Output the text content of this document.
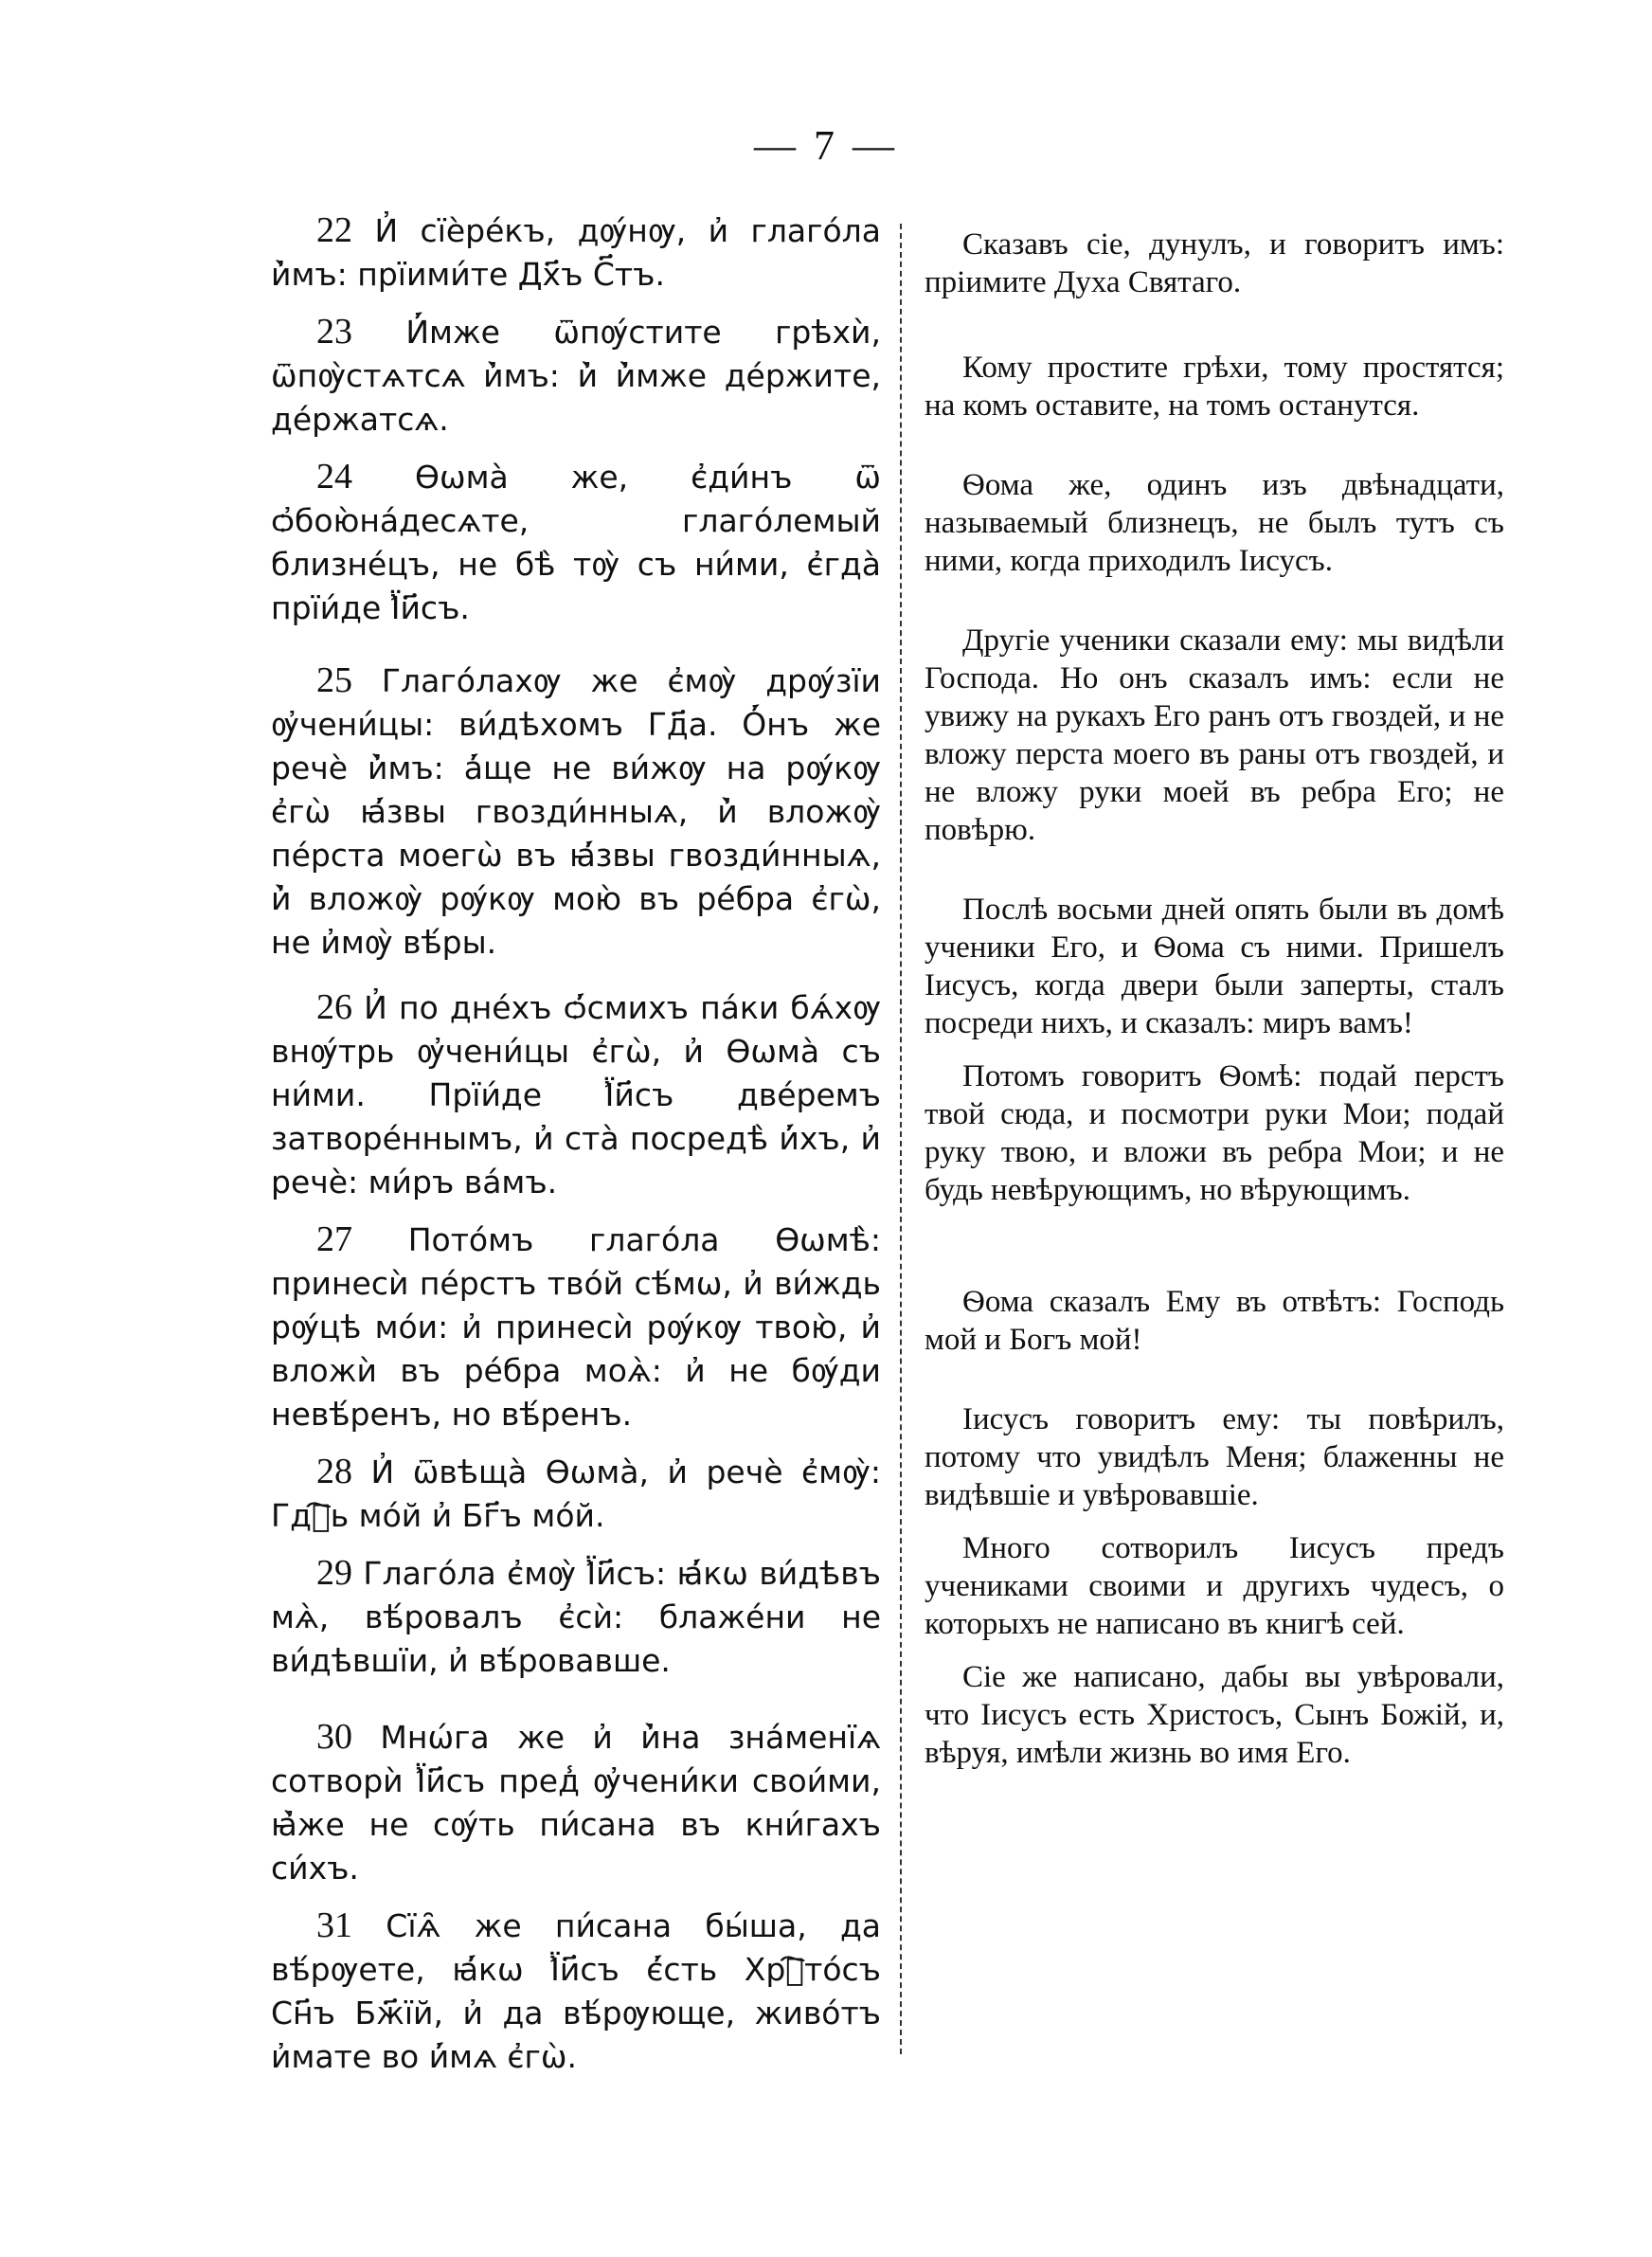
— 7 —

22 И҆ сїѐре́къ, дѹ́нѹ, и҆ глаго́ла и҆̀мъ: прїими́те Дх҃ъ С҃тъ.

23 И҆́мже ѿпѹ́стите грѣхѝ, ѿпѹ̀стѧтсѧ и҆̀мъ: и҆̀ и҆̀мже де́ржите, де́ржатсѧ.

24 Ѳѡма̀ же, є҆ди́нъ ѿ ѻ҆бою̀на́десѧте, глаго́лемый близне́цъ, не бѣ̀ тѹ̀ съ ни́ми, є҆гда̀ прїи́де Ї҆и҃съ.

25 Глаго́лахѹ же є҆мѹ̀ дрѹ́зїи ѹ҆чени́цы: ви́дѣхомъ Гд҃а. О҆́нъ же речѐ и҆̀мъ: а҆́ще не ви́жѹ на рѹ́кѹ є҆гѡ̀ ꙗ҆́звы гвозди́нныѧ, и҆̀ вложѹ̀ пе́рста моегѡ̀ въ ꙗ҆́звы гвозди́нныѧ, и҆̀ вложѹ̀ рѹ́кѹ мою̀ въ ре́бра є҆гѡ̀, не и҆мѹ̀ вѣ́ры.

26 И҆ по дне́хъ ѻ҆́смихъ па́ки бѧ́хѹ внѹ́трь ѹ҆чени́цы є҆гѡ̀, и҆ Ѳѡма̀ съ ни́ми. Прїи́де Ї҆и҃съ две́ремъ затворе́ннымъ, и҆ ста̀ посредѣ̀ и҆́хъ, и҆ речѐ: ми́ръ ва́мъ.

27 Пото́мъ глаго́ла Ѳѡмѣ̀: принесѝ пе́рстъ тво́й сѣ́мѡ, и҆ ви́ждь рѹ́цѣ мо́и: и҆ принесѝ рѹ́кѹ твою̀, и҆ вложѝ въ ре́бра моѧ̀: и҆ не бѹ́ди невѣ́ренъ, но вѣ́ренъ.

28 И҆ ѿвѣща̀ Ѳѡма̀, и҆ речѐ є҆мѹ̀: Гдⷭ҇ь мо́й и҆ Бг҃ъ мо́й.

29 Глаго́ла є҆мѹ̀ Ї҆и҃съ: ꙗ҆́кѡ ви́дѣвъ мѧ̀, вѣ́ровалъ є҆сѝ: блаже́ни не ви́дѣвшїи, и҆ вѣ́ровавше.

30 Мнѡ́га же и҆ и҆̀на зна́менїѧ сотворѝ Ї҆и҃съ пред̾ ѹ҆чени́ки свои́ми, ꙗ҆̀же не сѹ́ть пи́сана въ кни́гахъ си́хъ.

31 Сїѧ̑ же пи́сана бы́ша, да вѣ́рѹете, ꙗ҆́кѡ Ї҆и҃съ є҆́сть Хрⷭ҇то́съ Сн҃ъ Бж҃їй, и҆ да вѣ́рѹюще, живо́тъ и҆мате во и҆́мѧ є҆гѡ̀.

Сказавъ сіе, дунулъ, и говоритъ имъ: пріимите Духа Святаго.

Кому простите грѣхи, тому простятся; на комъ оставите, на томъ останутся.

Ѳома же, одинъ изъ двѣнадцати, называемый близнецъ, не былъ тутъ съ ними, когда приходилъ Іисусъ.

Другіе ученики сказали ему: мы видѣли Господа. Но онъ сказалъ имъ: если не увижу на рукахъ Его ранъ отъ гвоздей, и не вложу перста моего въ раны отъ гвоздей, и не вложу руки моей въ ребра Его; не повѣрю.

Послѣ восьми дней опять были въ домѣ ученики Его, и Ѳома съ ними. Пришелъ Іисусъ, когда двери были заперты, сталъ посреди нихъ, и сказалъ: миръ вамъ!

Потомъ говоритъ Ѳомѣ: подай перстъ твой сюда, и посмотри руки Мои; подай руку твою, и вложи въ ребра Мои; и не будь невѣрующимъ, но вѣрующимъ.

Ѳома сказалъ Ему въ отвѣтъ: Господь мой и Богъ мой!

Іисусъ говоритъ ему: ты повѣрилъ, потому что увидѣлъ Меня; блаженны не видѣвшіе и увѣровавшіе.

Много сотворилъ Іисусъ предъ учениками своими и другихъ чудесъ, о которыхъ не написано въ книгѣ сей.

Сіе же написано, дабы вы увѣровали, что Іисусъ есть Христосъ, Сынъ Божій, и, вѣруя, имѣли жизнь во имя Его.
